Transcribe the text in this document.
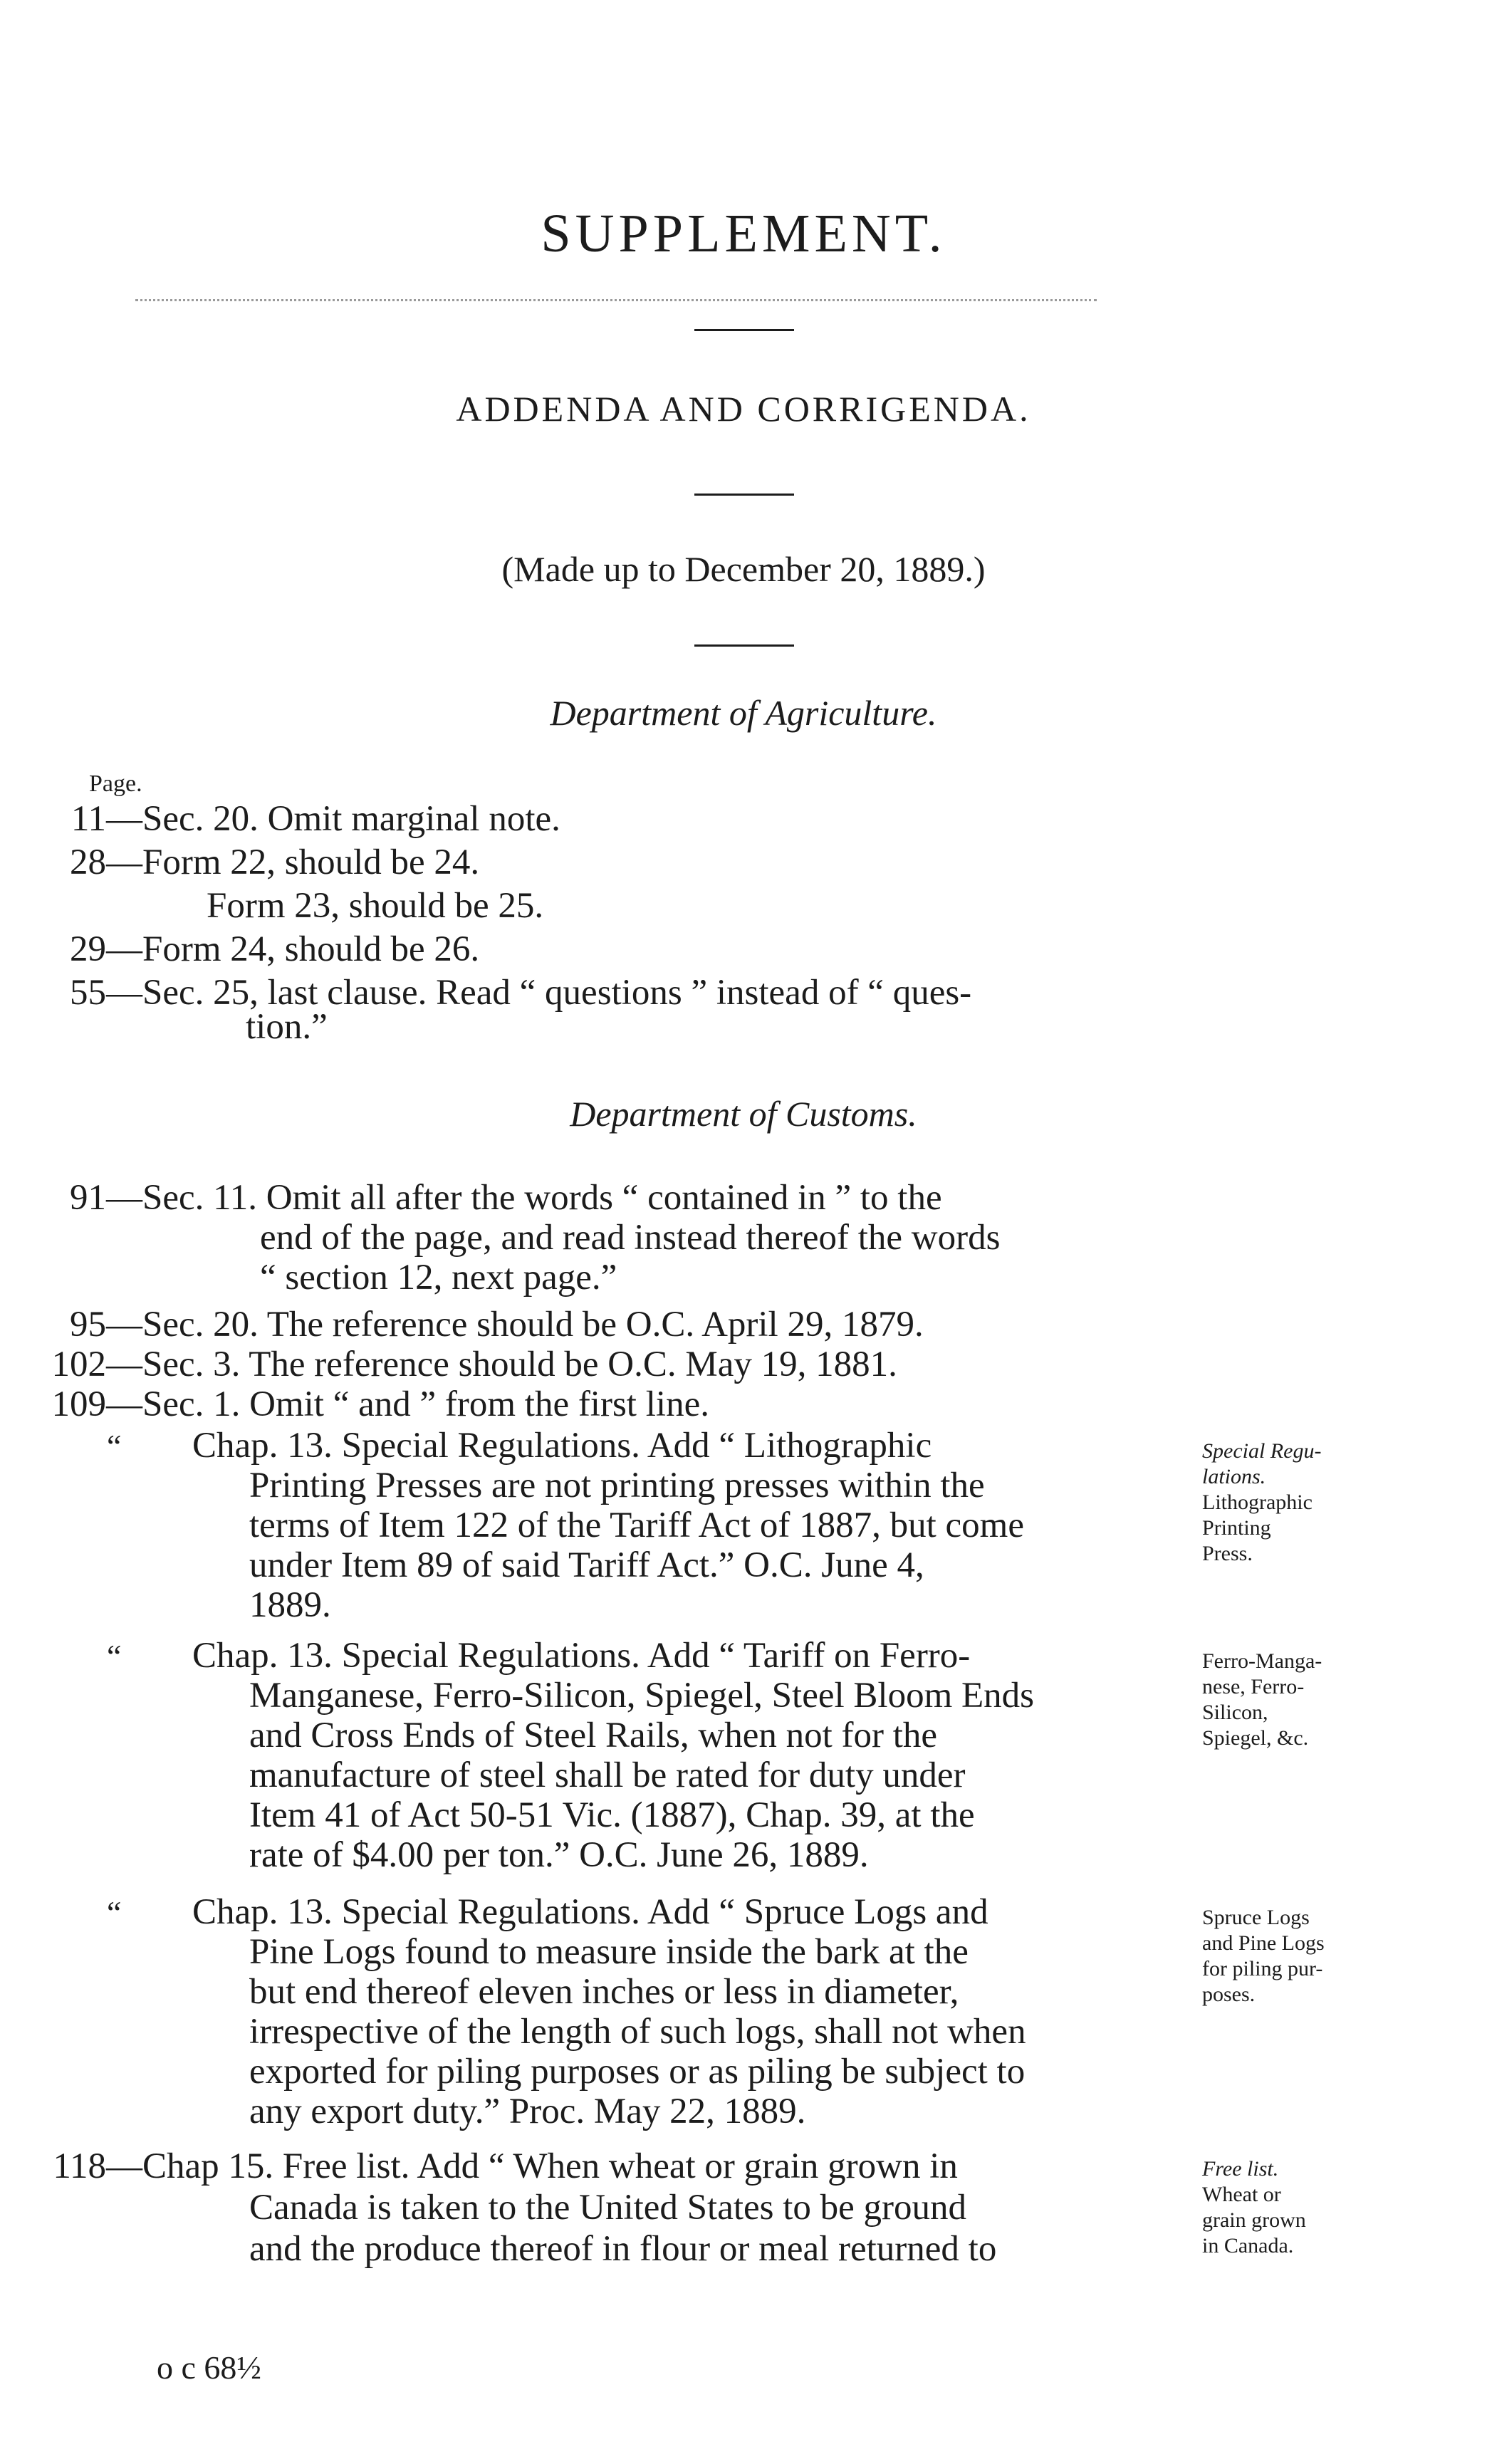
SUPPLEMENT.
ADDENDA AND CORRIGENDA.
(Made up to December 20, 1889.)
Department of Agriculture.
Page.
11— Sec. 20. Omit marginal note.
28— Form 22, should be 24.
Form 23, should be 25.
29— Form 24, should be 26.
55— Sec. 25, last clause. Read “ questions ” instead of “ ques-
tion.”
Department of Customs.
91— Sec. 11. Omit all after the words “ contained in ” to the
end of the page, and read instead thereof the words
“ section 12, next page.”
95— Sec. 20. The reference should be O.C. April 29, 1879.
102— Sec. 3. The reference should be O.C. May 19, 1881.
109— Sec. 1. Omit “ and ” from the first line.
“ Chap. 13. Special Regulations. Add “ Lithographic
Printing Presses are not printing presses within the
terms of Item 122 of the Tariff Act of 1887, but come
under Item 89 of said Tariff Act.” O.C. June 4,
1889.
Special Regu-
lations.
Lithographic
Printing
Press.
“ Chap. 13. Special Regulations. Add “ Tariff on Ferro-
Manganese, Ferro-Silicon, Spiegel, Steel Bloom Ends
and Cross Ends of Steel Rails, when not for the
manufacture of steel shall be rated for duty under
Item 41 of Act 50-51 Vic. (1887), Chap. 39, at the
rate of $4.00 per ton.” O.C. June 26, 1889.
Ferro-Manga-
nese, Ferro-
Silicon,
Spiegel, &c.
“ Chap. 13. Special Regulations. Add “ Spruce Logs and
Pine Logs found to measure inside the bark at the
but end thereof eleven inches or less in diameter,
irrespective of the length of such logs, shall not when
exported for piling purposes or as piling be subject to
any export duty.” Proc. May 22, 1889.
Spruce Logs
and Pine Logs
for piling pur-
poses.
118— Chap 15. Free list. Add “ When wheat or grain grown in
Canada is taken to the United States to be ground
and the produce thereof in flour or meal returned to
Free list.
Wheat or
grain grown
in Canada.
o c 68½
